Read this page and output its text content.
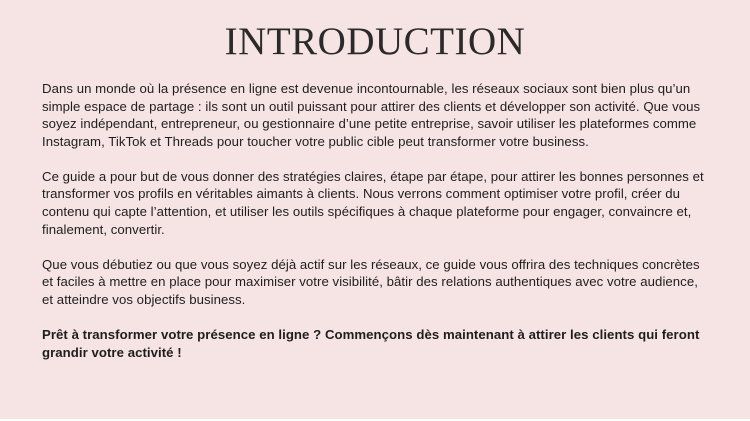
INTRODUCTION

Dans un monde où la présence en ligne est devenue incontournable, les réseaux sociaux sont bien plus qu’un simple espace de partage : ils sont un outil puissant pour attirer des clients et développer son activité. Que vous soyez indépendant, entrepreneur, ou gestionnaire d’une petite entreprise, savoir utiliser les plateformes comme Instagram, TikTok et Threads pour toucher votre public cible peut transformer votre business.

Ce guide a pour but de vous donner des stratégies claires, étape par étape, pour attirer les bonnes personnes et transformer vos profils en véritables aimants à clients. Nous verrons comment optimiser votre profil, créer du contenu qui capte l’attention, et utiliser les outils spécifiques à chaque plateforme pour engager, convaincre et, finalement, convertir.

Que vous débutiez ou que vous soyez déjà actif sur les réseaux, ce guide vous offrira des techniques concrètes et faciles à mettre en place pour maximiser votre visibilité, bâtir des relations authentiques avec votre audience, et atteindre vos objectifs business.

Prêt à transformer votre présence en ligne ? Commençons dès maintenant à attirer les clients qui feront grandir votre activité !
